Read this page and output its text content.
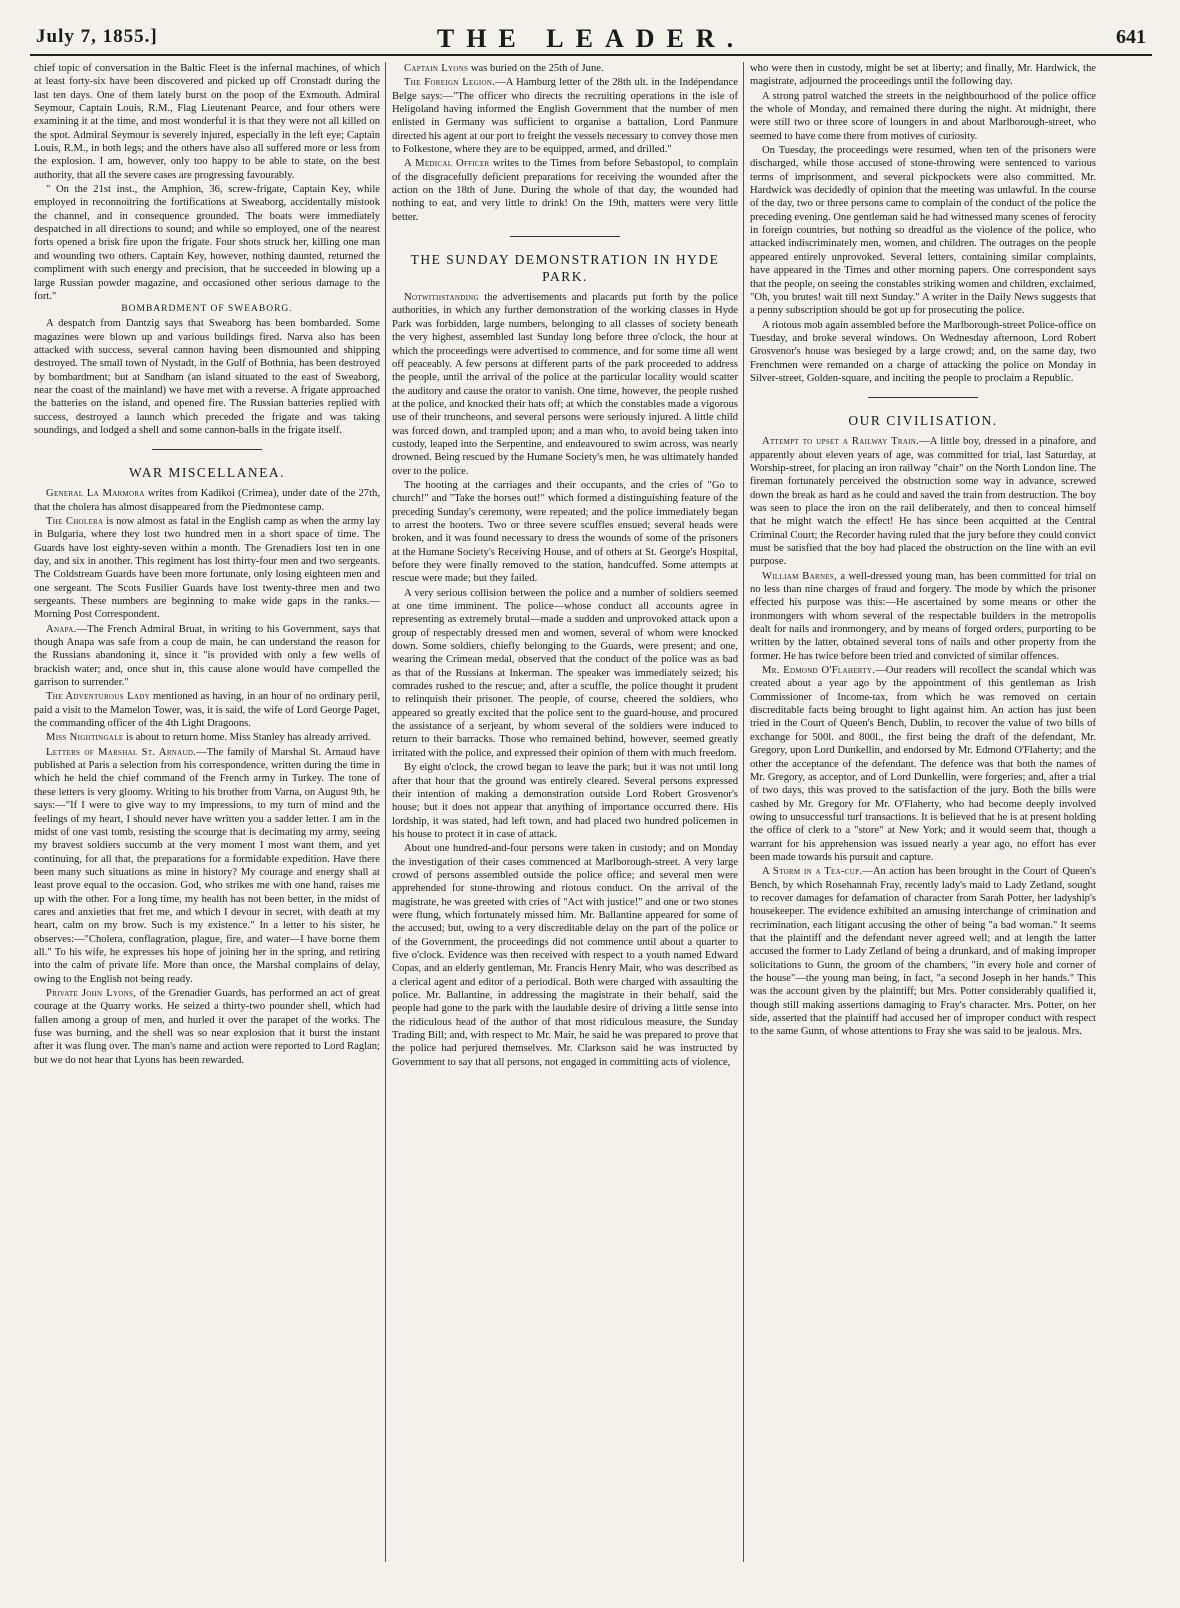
July 7, 1855.]	THE LEADER.	641

chief topic of conversation in the Baltic Fleet is the infernal machines, of which at least forty-six have been discovered and picked up off Cronstadt during the last ten days. One of them lately burst on the poop of the Exmouth. Admiral Seymour, Captain Louis, R.M., Flag Lieutenant Pearce, and four others were examining it at the time, and most wonderful it is that they were not all killed on the spot. Admiral Seymour is severely injured, especially in the left eye; Captain Louis, R.M., in both legs; and the others have also all suffered more or less from the explosion. I am, however, only too happy to be able to state, on the best authority, that all the severe cases are progressing favourably.

" On the 21st inst., the Amphion, 36, screw-frigate, Captain Key, while employed in reconnoitring the fortifications at Sweaborg, accidentally mistook the channel, and in consequence grounded. The boats were immediately despatched in all directions to sound; and while so employed, one of the nearest forts opened a brisk fire upon the frigate. Four shots struck her, killing one man and wounding two others. Captain Key, however, nothing daunted, returned the compliment with such energy and precision, that he succeeded in blowing up a large Russian powder magazine, and occasioned other serious damage to the fort."

BOMBARDMENT OF SWEABORG.

A despatch from Dantzig says that Sweaborg has been bombarded. Some magazines were blown up and various buildings fired. Narva also has been attacked with success, several cannon having been dismounted and shipping destroyed. The small town of Nystadt, in the Gulf of Bothnia, has been destroyed by bombardment; but at Sandham (an island situated to the east of Sweaborg, near the coast of the mainland) we have met with a reverse. A frigate approached the batteries on the island, and opened fire. The Russian batteries replied with success, destroyed a launch which preceded the frigate and was taking soundings, and lodged a shell and some cannon-balls in the frigate itself.

WAR MISCELLANEA.

General La Marmora writes from Kadikoi (Crimea), under date of the 27th, that the cholera has almost disappeared from the Piedmontese camp.

The Cholera is now almost as fatal in the English camp as when the army lay in Bulgaria, where they lost two hundred men in a short space of time. The Guards have lost eighty-seven within a month. The Grenadiers lost ten in one day, and six in another. This regiment has lost thirty-four men and two sergeants. The Coldstream Guards have been more fortunate, only losing eighteen men and one sergeant. The Scots Fusilier Guards have lost twenty-three men and two sergeants. These numbers are beginning to make wide gaps in the ranks.—Morning Post Correspondent.

Anapa.—The French Admiral Bruat, in writing to his Government, says that though Anapa was safe from a coup de main, he can understand the reason for the Russians abandoning it, since it "is provided with only a few wells of brackish water; and, once shut in, this cause alone would have compelled the garrison to surrender."

The Adventurous Lady mentioned as having, in an hour of no ordinary peril, paid a visit to the Mamelon Tower, was, it is said, the wife of Lord George Paget, the commanding officer of the 4th Light Dragoons.

Miss Nightingale is about to return home. Miss Stanley has already arrived.

Letters of Marshal St. Arnaud.—The family of Marshal St. Arnaud have published at Paris a selection from his correspondence, written during the time in which he held the chief command of the French army in Turkey. The tone of these letters is very gloomy. Writing to his brother from Varna, on August 9th, he says:—"If I were to give way to my impressions, to my turn of mind and the feelings of my heart, I should never have written you a sadder letter. I am in the midst of one vast tomb, resisting the scourge that is decimating my army, seeing my bravest soldiers succumb at the very moment I most want them, and yet continuing, for all that, the preparations for a formidable expedition. Have there been many such situations as mine in history? My courage and energy shall at least prove equal to the occasion. God, who strikes me with one hand, raises me up with the other. For a long time, my health has not been better, in the midst of cares and anxieties that fret me, and which I devour in secret, with death at my heart, calm on my brow. Such is my existence." In a letter to his sister, he observes:—"Cholera, conflagration, plague, fire, and water—I have borne them all." To his wife, he expresses his hope of joining her in the spring, and retiring into the calm of private life. More than once, the Marshal complains of delay, owing to the English not being ready.

Private John Lyons, of the Grenadier Guards, has performed an act of great courage at the Quarry works. He seized a thirty-two pounder shell, which had fallen among a group of men, and hurled it over the parapet of the works. The fuse was burning, and the shell was so near explosion that it burst the instant after it was flung over. The man's name and action were reported to Lord Raglan; but we do not hear that Lyons has been rewarded.

Captain Lyons was buried on the 25th of June.

The Foreign Legion.—A Hamburg letter of the 28th ult. in the Indépendance Belge says:—"The officer who directs the recruiting operations in the isle of Heligoland having informed the English Government that the number of men enlisted in Germany was sufficient to organise a battalion, Lord Panmure directed his agent at our port to freight the vessels necessary to convey those men to Folkestone, where they are to be equipped, armed, and drilled."

A Medical Officer writes to the Times from before Sebastopol, to complain of the disgracefully deficient preparations for receiving the wounded after the action on the 18th of June. During the whole of that day, the wounded had nothing to eat, and very little to drink! On the 19th, matters were very little better.

THE SUNDAY DEMONSTRATION IN HYDE PARK.

Notwithstanding the advertisements and placards put forth by the police authorities, in which any further demonstration of the working classes in Hyde Park was forbidden, large numbers, belonging to all classes of society beneath the very highest, assembled last Sunday long before three o'clock, the hour at which the proceedings were advertised to commence, and for some time all went off peaceably. A few persons at different parts of the park proceeded to address the people, until the arrival of the police at the particular locality would scatter the auditory and cause the orator to vanish. One time, however, the people rushed at the police, and knocked their hats off; at which the constables made a vigorous use of their truncheons, and several persons were seriously injured. A little child was forced down, and trampled upon; and a man who, to avoid being taken into custody, leaped into the Serpentine, and endeavoured to swim across, was nearly drowned. Being rescued by the Humane Society's men, he was ultimately handed over to the police.

The hooting at the carriages and their occupants, and the cries of "Go to church!" and "Take the horses out!" which formed a distinguishing feature of the preceding Sunday's ceremony, were repeated; and the police immediately began to arrest the hooters. Two or three severe scuffles ensued; several heads were broken, and it was found necessary to dress the wounds of some of the prisoners at the Humane Society's Receiving House, and of others at St. George's Hospital, before they were finally removed to the station, handcuffed. Some attempts at rescue were made; but they failed.

A very serious collision between the police and a number of soldiers seemed at one time imminent. The police—whose conduct all accounts agree in representing as extremely brutal—made a sudden and unprovoked attack upon a group of respectably dressed men and women, several of whom were knocked down. Some soldiers, chiefly belonging to the Guards, were present; and one, wearing the Crimean medal, observed that the conduct of the police was as bad as that of the Russians at Inkerman. The speaker was immediately seized; his comrades rushed to the rescue; and, after a scuffle, the police thought it prudent to relinquish their prisoner. The people, of course, cheered the soldiers, who appeared so greatly excited that the police sent to the guard-house, and procured the assistance of a serjeant, by whom several of the soldiers were induced to return to their barracks. Those who remained behind, however, seemed greatly irritated with the police, and expressed their opinion of them with much freedom.

By eight o'clock, the crowd began to leave the park; but it was not until long after that hour that the ground was entirely cleared. Several persons expressed their intention of making a demonstration outside Lord Robert Grosvenor's house; but it does not appear that anything of importance occurred there. His lordship, it was stated, had left town, and had placed two hundred policemen in his house to protect it in case of attack.

About one hundred-and-four persons were taken in custody; and on Monday the investigation of their cases commenced at Marlborough-street. A very large crowd of persons assembled outside the police office; and several men were apprehended for stone-throwing and riotous conduct. On the arrival of the magistrate, he was greeted with cries of "Act with justice!" and one or two stones were flung, which fortunately missed him. Mr. Ballantine appeared for some of the accused; but, owing to a very discreditable delay on the part of the police or of the Government, the proceedings did not commence until about a quarter to five o'clock. Evidence was then received with respect to a youth named Edward Copas, and an elderly gentleman, Mr. Francis Henry Mair, who was described as a clerical agent and editor of a periodical. Both were charged with assaulting the police. Mr. Ballantine, in addressing the magistrate in their behalf, said the people had gone to the park with the laudable desire of driving a little sense into the ridiculous head of the author of that most ridiculous measure, the Sunday Trading Bill; and, with respect to Mr. Mair, he said he was prepared to prove that the police had perjured themselves. Mr. Clarkson said he was instructed by Government to say that all persons, not engaged in committing acts of violence,

who were then in custody, might be set at liberty; and finally, Mr. Hardwick, the magistrate, adjourned the proceedings until the following day.

A strong patrol watched the streets in the neighbourhood of the police office the whole of Monday, and remained there during the night. At midnight, there were still two or three score of loungers in and about Marlborough-street, who seemed to have come there from motives of curiosity.

On Tuesday, the proceedings were resumed, when ten of the prisoners were discharged, while those accused of stone-throwing were sentenced to various terms of imprisonment, and several pickpockets were also committed. Mr. Hardwick was decidedly of opinion that the meeting was unlawful. In the course of the day, two or three persons came to complain of the conduct of the police the preceding evening. One gentleman said he had witnessed many scenes of ferocity in foreign countries, but nothing so dreadful as the violence of the police, who attacked indiscriminately men, women, and children. The outrages on the people appeared entirely unprovoked. Several letters, containing similar complaints, have appeared in the Times and other morning papers. One correspondent says that the people, on seeing the constables striking women and children, exclaimed, "Oh, you brutes! wait till next Sunday." A writer in the Daily News suggests that a penny subscription should be got up for prosecuting the police.

A riotous mob again assembled before the Marlborough-street Police-office on Tuesday, and broke several windows. On Wednesday afternoon, Lord Robert Grosvenor's house was besieged by a large crowd; and, on the same day, two Frenchmen were remanded on a charge of attacking the police on Monday in Silver-street, Golden-square, and inciting the people to proclaim a Republic.

OUR CIVILISATION.

Attempt to upset a Railway Train.—A little boy, dressed in a pinafore, and apparently about eleven years of age, was committed for trial, last Saturday, at Worship-street, for placing an iron railway "chair" on the North London line. The fireman fortunately perceived the obstruction some way in advance, screwed down the break as hard as he could and saved the train from destruction. The boy was seen to place the iron on the rail deliberately, and then to conceal himself that he might watch the effect! He has since been acquitted at the Central Criminal Court; the Recorder having ruled that the jury before they could convict must be satisfied that the boy had placed the obstruction on the line with an evil purpose.

William Barnes, a well-dressed young man, has been committed for trial on no less than nine charges of fraud and forgery. The mode by which the prisoner effected his purpose was this:—He ascertained by some means or other the ironmongers with whom several of the respectable builders in the metropolis dealt for nails and ironmongery, and by means of forged orders, purporting to be written by the latter, obtained several tons of nails and other property from the former. He has twice before been tried and convicted of similar offences.

Mr. Edmond O'Flaherty.—Our readers will recollect the scandal which was created about a year ago by the appointment of this gentleman as Irish Commissioner of Income-tax, from which he was removed on certain discreditable facts being brought to light against him. An action has just been tried in the Court of Queen's Bench, Dublin, to recover the value of two bills of exchange for 500l. and 800l., the first being the draft of the defendant, Mr. Gregory, upon Lord Dunkellin, and endorsed by Mr. Edmond O'Flaherty; and the other the acceptance of the defendant. The defence was that both the names of Mr. Gregory, as acceptor, and of Lord Dunkellin, were forgeries; and, after a trial of two days, this was proved to the satisfaction of the jury. Both the bills were cashed by Mr. Gregory for Mr. O'Flaherty, who had become deeply involved owing to unsuccessful turf transactions. It is believed that he is at present holding the office of clerk to a "store" at New York; and it would seem that, though a warrant for his apprehension was issued nearly a year ago, no effort has ever been made towards his pursuit and capture.

A Storm in a Tea-cup.—An action has been brought in the Court of Queen's Bench, by which Rosehannah Fray, recently lady's maid to Lady Zetland, sought to recover damages for defamation of character from Sarah Potter, her ladyship's housekeeper. The evidence exhibited an amusing interchange of crimination and recrimination, each litigant accusing the other of being "a bad woman." It seems that the plaintiff and the defendant never agreed well; and at length the latter accused the former to Lady Zetland of being a drunkard, and of making improper solicitations to Gunn, the groom of the chambers, "in every hole and corner of the house"—the young man being, in fact, "a second Joseph in her hands." This was the account given by the plaintiff; but Mrs. Potter considerably qualified it, though still making assertions damaging to Fray's character. Mrs. Potter, on her side, asserted that the plaintiff had accused her of improper conduct with respect to the same Gunn, of whose attentions to Fray she was said to be jealous. Mrs.
